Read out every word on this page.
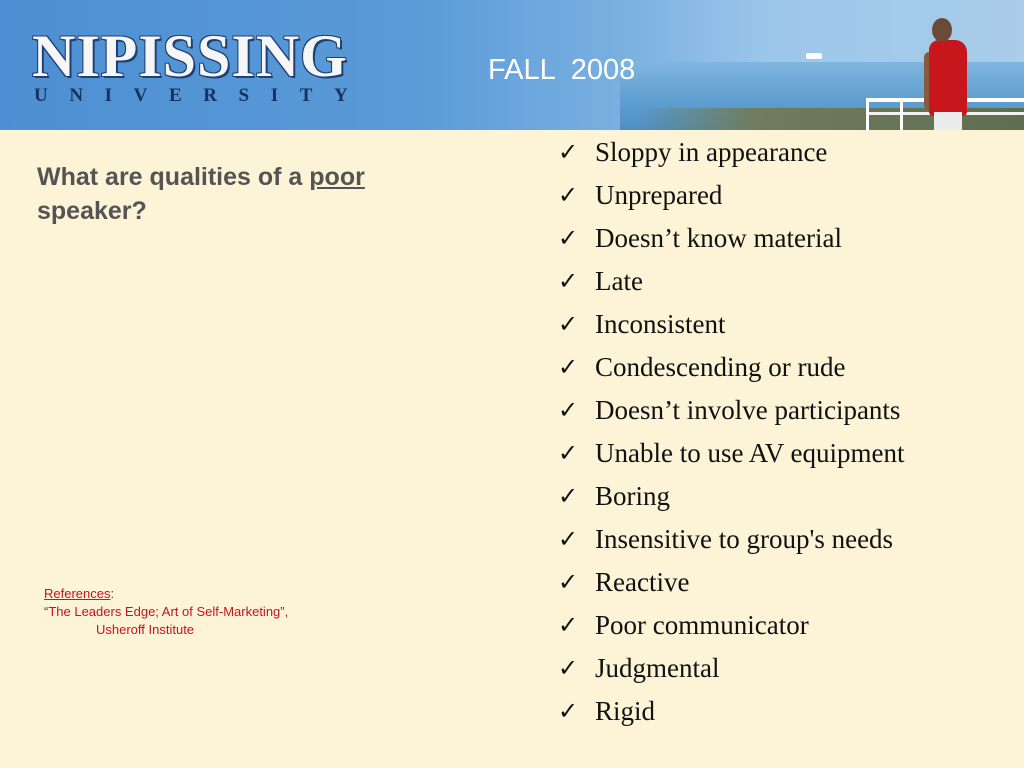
NIPISSING
UNIVERSITY
FALL  2008
What are qualities of a poor
speaker?
References:
“The Leaders Edge; Art of Self-Marketing”,
Usheroff Institute
✓ Sloppy in appearance
✓ Unprepared
✓ Doesn’t know material
✓ Late
✓ Inconsistent
✓ Condescending or rude
✓ Doesn’t involve participants
✓ Unable to use AV equipment
✓ Boring
✓ Insensitive to group's needs
✓ Reactive
✓ Poor communicator
✓ Judgmental
✓ Rigid
